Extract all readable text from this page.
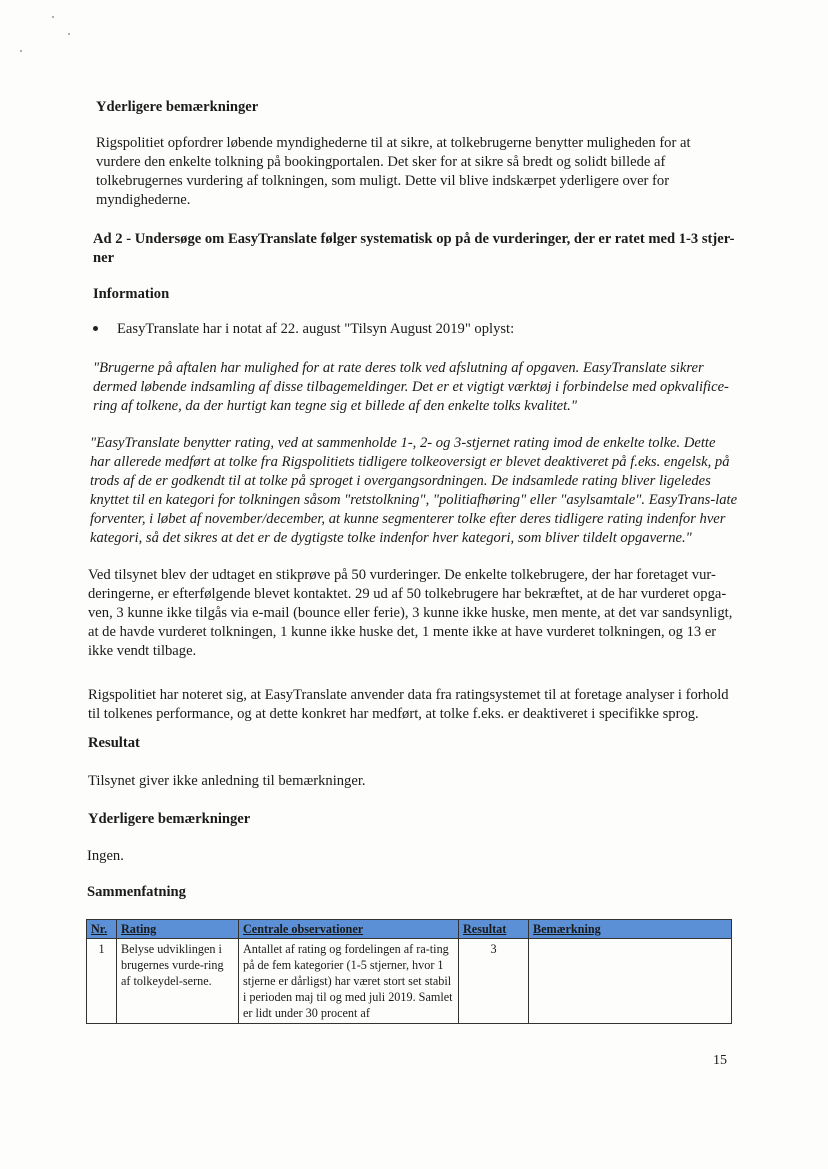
Yderligere bemærkninger
Rigspolitiet opfordrer løbende myndighederne til at sikre, at tolkebrugerne benytter muligheden for at vurdere den enkelte tolkning på bookingportalen. Det sker for at sikre så bredt og solidt billede af tolkebrugernes vurdering af tolkningen, som muligt. Dette vil blive indskærpet yderligere over for myndighederne.
Ad 2 - Undersøge om EasyTranslate følger systematisk op på de vurderinger, der er ratet med 1-3 stjer-ner
Information
EasyTranslate har i notat af 22. august "Tilsyn August 2019" oplyst:
"Brugerne på aftalen har mulighed for at rate deres tolk ved afslutning af opgaven. EasyTranslate sikrer dermed løbende indsamling af disse tilbagemeldinger. Det er et vigtigt værktøj i forbindelse med opkvalifice-ring af tolkene, da der hurtigt kan tegne sig et billede af den enkelte tolks kvalitet."
"EasyTranslate benytter rating, ved at sammenholde 1-, 2- og 3-stjernet rating imod de enkelte tolke. Dette har allerede medført at tolke fra Rigspolitiets tidligere tolkeoversigt er blevet deaktiveret på f.eks. engelsk, på trods af de er godkendt til at tolke på sproget i overgangsordningen. De indsamlede rating bliver ligeledes knyttet til en kategori for tolkningen såsom "retstolkning", "politiafhøring" eller "asylsamtale". EasyTrans-late forventer, i løbet af november/december, at kunne segmenterer tolke efter deres tidligere rating indenfor hver kategori, så det sikres at det er de dygtigste tolke indenfor hver kategori, som bliver tildelt opgaverne."
Ved tilsynet blev der udtaget en stikprøve på 50 vurderinger. De enkelte tolkebrugere, der har foretaget vur-deringerne, er efterfølgende blevet kontaktet. 29 ud af 50 tolkebrugere har bekræftet, at de har vurderet opga-ven, 3 kunne ikke tilgås via e-mail (bounce eller ferie), 3 kunne ikke huske, men mente, at det var sandsynligt, at de havde vurderet tolkningen, 1 kunne ikke huske det, 1 mente ikke at have vurderet tolkningen, og 13 er ikke vendt tilbage.
Rigspolitiet har noteret sig, at EasyTranslate anvender data fra ratingsystemet til at foretage analyser i forhold til tolkenes performance, og at dette konkret har medført, at tolke f.eks. er deaktiveret i specifikke sprog.
Resultat
Tilsynet giver ikke anledning til bemærkninger.
Yderligere bemærkninger
Ingen.
Sammenfatning
Nr.	Rating	Centrale observationer	Resultat	Bemærkning
1	Belyse udviklingen i brugernes vurde-ring af tolkeydel-serne.	Antallet af rating og fordelingen af ra-ting på de fem kategorier (1-5 stjerner, hvor 1 stjerne er dårligst) har været stort set stabil i perioden maj til og med juli 2019. Samlet er lidt under 30 procent af	3	
15
